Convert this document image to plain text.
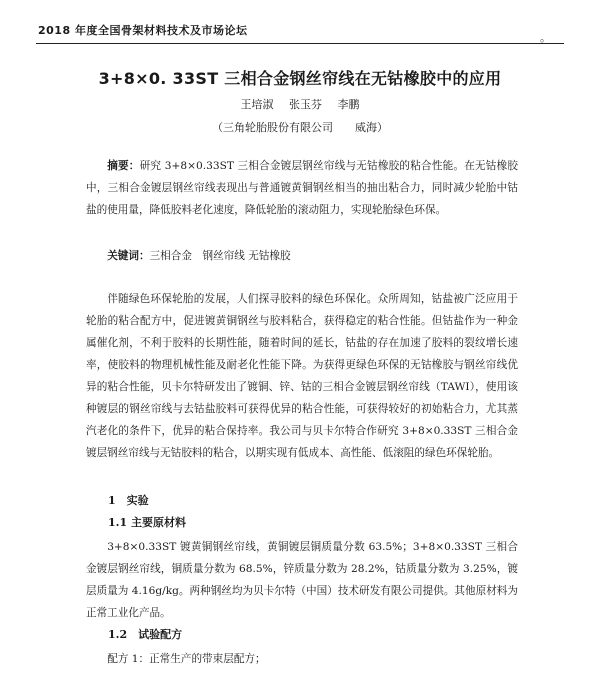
2018 年度全国骨架材料技术及市场论坛
_。__
3+8×0. 33ST 三相合金钢丝帘线在无钴橡胶中的应用
王培淑 张玉芬 李鹏
（三角轮胎股份有限公司　　威海）

摘要：研究 3+8×0.33ST 三相合金镀层钢丝帘线与无钴橡胶的粘合性能。在无钴橡胶中，三相合金镀层钢丝帘线表现出与普通镀黄铜钢丝相当的抽出粘合力，同时减少轮胎中钴盐的使用量，降低胶料老化速度，降低轮胎的滚动阻力，实现轮胎绿色环保。

关键词：三相合金　钢丝帘线 无钴橡胶

伴随绿色环保轮胎的发展，人们探寻胶料的绿色环保化。众所周知，钴盐被广泛应用于轮胎的粘合配方中，促进镀黄铜钢丝与胶料粘合，获得稳定的粘合性能。但钴盐作为一种金属催化剂，不利于胶料的长期性能，随着时间的延长，钴盐的存在加速了胶料的裂纹增长速率，使胶料的物理机械性能及耐老化性能下降。为获得更绿色环保的无钴橡胶与钢丝帘线优异的粘合性能，贝卡尔特研发出了镀铜、锌、钴的三相合金镀层钢丝帘线（TAWI），使用该种镀层的钢丝帘线与去钴盐胶料可获得优异的粘合性能，可获得较好的初始粘合力，尤其蒸汽老化的条件下，优异的粘合保持率。我公司与贝卡尔特合作研究 3+8×0.33ST 三相合金镀层钢丝帘线与无钴胶料的粘合，以期实现有低成本、高性能、低滚阻的绿色环保轮胎。

1　实验
1.1 主要原材料

3+8×0.33ST 镀黄铜钢丝帘线，黄铜镀层铜质量分数 63.5%；3+8×0.33ST 三相合金镀层钢丝帘线，铜质量分数为 68.5%，锌质量分数为 28.2%，钴质量分数为 3.25%，镀层质量为 4.16g/kg。两种钢丝均为贝卡尔特（中国）技术研发有限公司提供。其他原材料为正常工业化产品。

1.2　试验配方

配方 1：正常生产的带束层配方；
